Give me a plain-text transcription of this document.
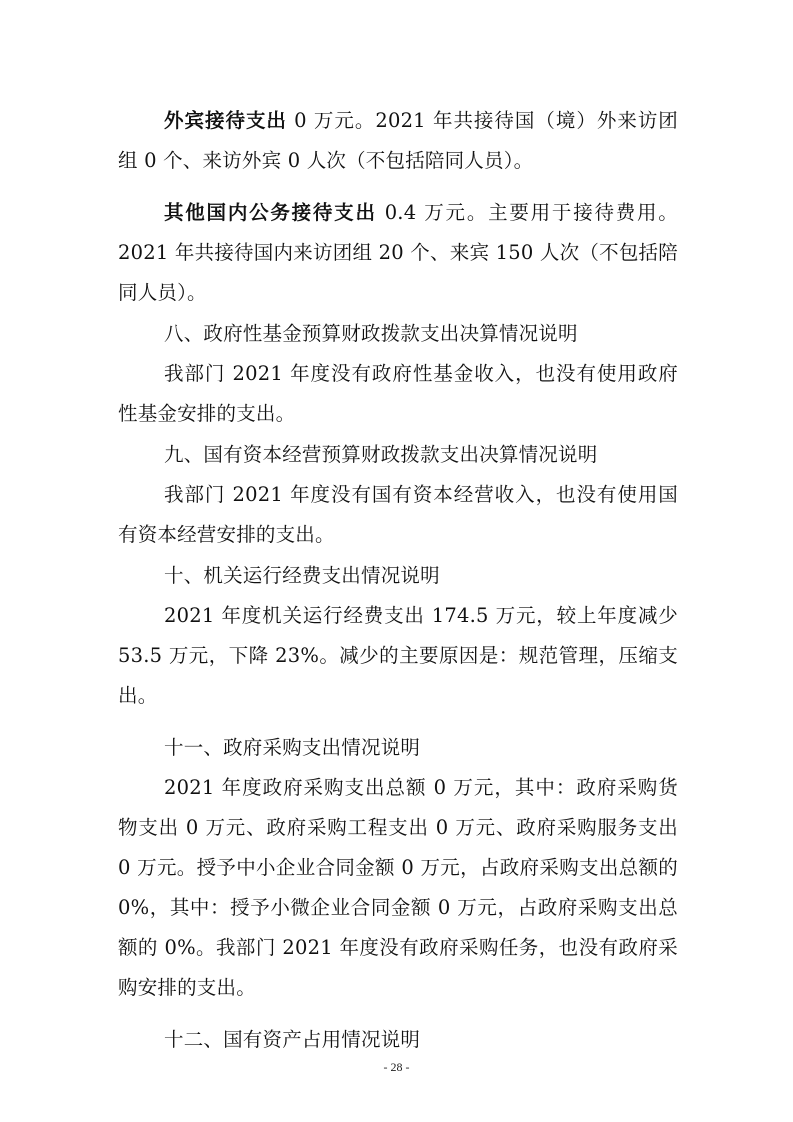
外宾接待支出 0 万元。2021 年共接待国（境）外来访团组 0 个、来访外宾 0 人次（不包括陪同人员）。

其他国内公务接待支出 0.4 万元。主要用于接待费用。2021 年共接待国内来访团组 20 个、来宾 150 人次（不包括陪同人员）。

八、政府性基金预算财政拨款支出决算情况说明

我部门 2021 年度没有政府性基金收入，也没有使用政府性基金安排的支出。

九、国有资本经营预算财政拨款支出决算情况说明

我部门 2021 年度没有国有资本经营收入，也没有使用国有资本经营安排的支出。

十、机关运行经费支出情况说明

2021 年度机关运行经费支出 174.5 万元，较上年度减少 53.5 万元，下降 23%。减少的主要原因是：规范管理，压缩支出。

十一、政府采购支出情况说明

2021 年度政府采购支出总额 0 万元，其中：政府采购货物支出 0 万元、政府采购工程支出 0 万元、政府采购服务支出 0 万元。授予中小企业合同金额 0 万元，占政府采购支出总额的 0%，其中：授予小微企业合同金额 0 万元，占政府采购支出总额的 0%。我部门 2021 年度没有政府采购任务，也没有政府采购安排的支出。

十二、国有资产占用情况说明

- 28 -
